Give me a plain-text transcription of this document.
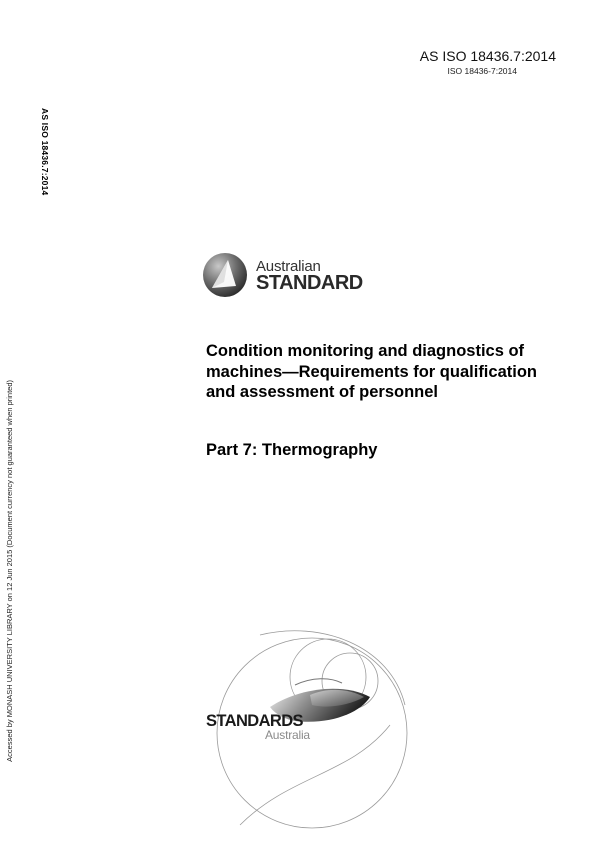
AS ISO 18436.7:2014
ISO 18436-7:2014
AS ISO 18436.7:2014
Accessed by MONASH UNIVERSITY LIBRARY on 12 Jun 2015 (Document currency not guaranteed when printed)
Australian
STANDARD
Condition monitoring and diagnostics of machines—Requirements for qualification and assessment of personnel
Part 7: Thermography
STANDARDS
Australia
